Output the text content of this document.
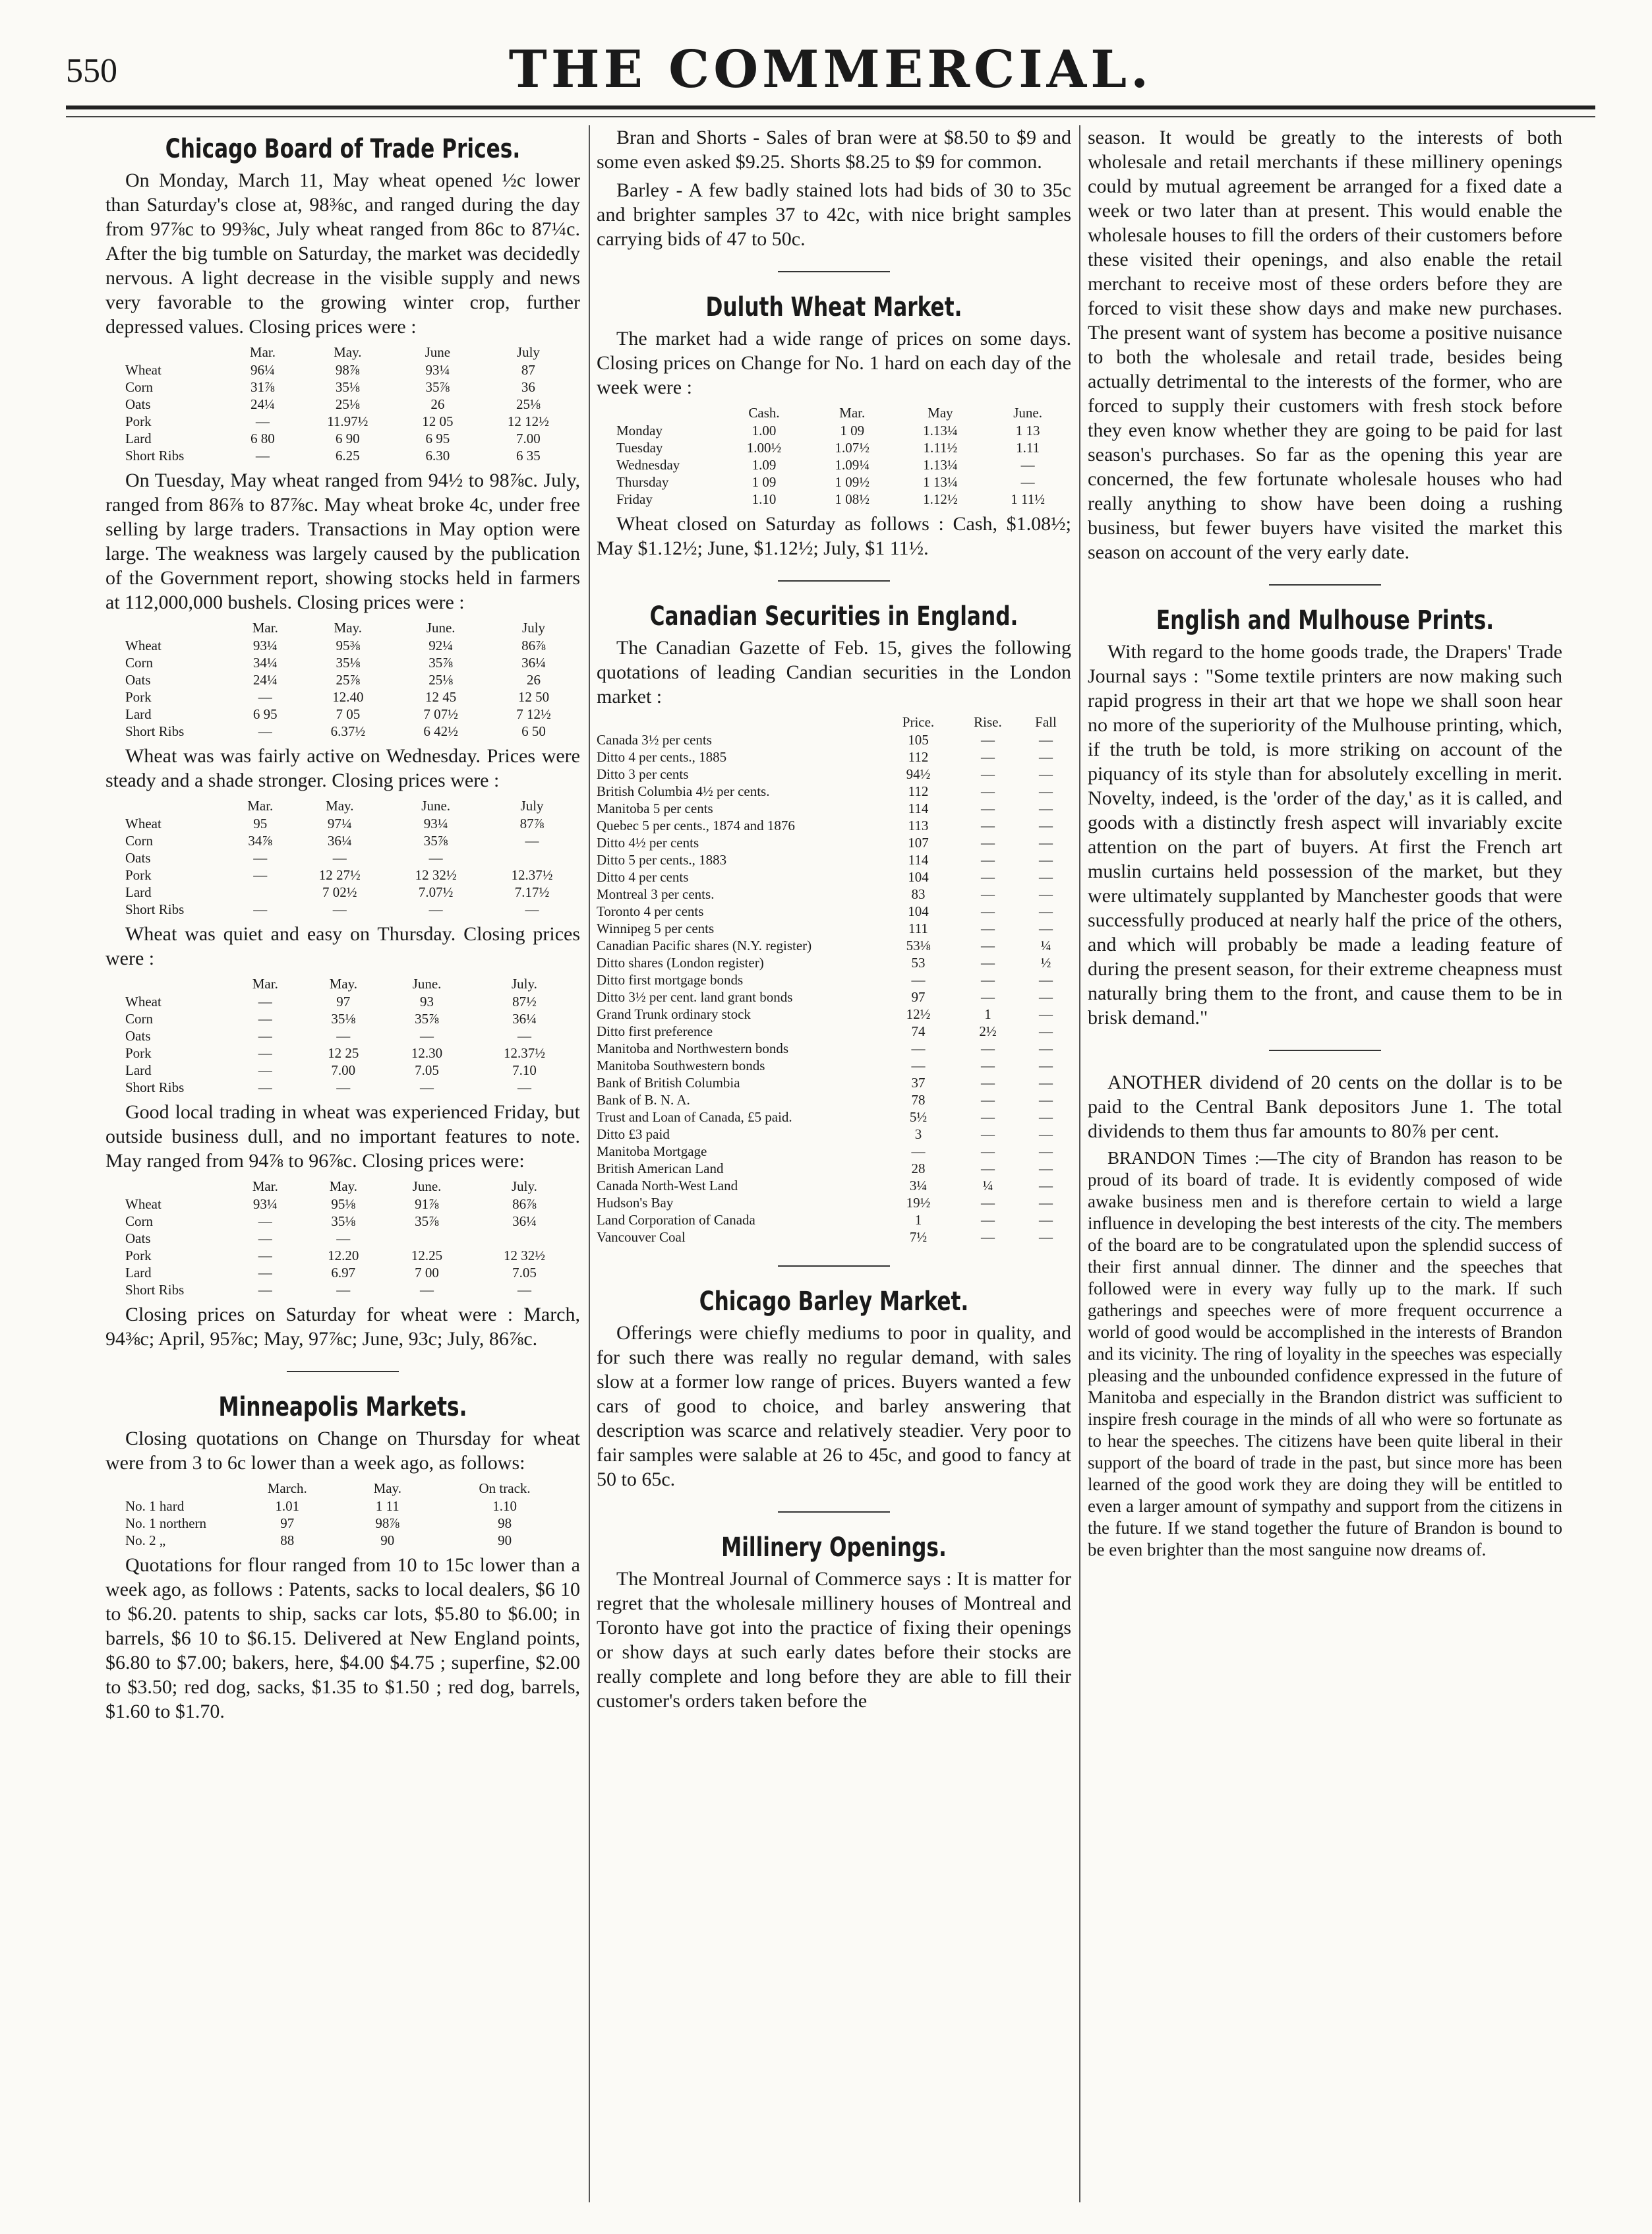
550	THE COMMERCIAL.
Chicago Board of Trade Prices.

On Monday, March 11, May wheat opened ½c lower than Saturday's close at, 98⅜c, and ranged during the day from 97⅞c to 99⅜c, July wheat ranged from 86c to 87¼c. After the big tumble on Saturday, the market was decidedly nervous. A light decrease in the visible supply and news very favorable to the growing winter crop, further depressed values. Closing prices were :

	Mar.	May.	June	July
Wheat	96¼	98⅞	93¼	87
Corn	31⅞	35⅛	35⅞	36
Oats	24¼	25⅛	26	25⅛
Pork	—	11.97½	12 05	12 12½
Lard	6 80	6 90	6 95	7.00
Short Ribs	—	6.25	6.30	6 35

On Tuesday, May wheat ranged from 94½ to 98⅞c. July, ranged from 86⅞ to 87⅞c. May wheat broke 4c, under free selling by large traders. Transactions in May option were large. The weakness was largely caused by the publication of the Government report, showing stocks held in farmers at 112,000,000 bushels. Closing prices were :

	Mar.	May.	June.	July
Wheat	93¼	95⅜	92¼	86⅞
Corn	34¼	35⅛	35⅞	36¼
Oats	24¼	25⅞	25⅛	26
Pork	—	12.40	12 45	12 50
Lard	6 95	7 05	7 07½	7 12½
Short Ribs	—	6.37½	6 42½	6 50

Wheat was was fairly active on Wednesday. Prices were steady and a shade stronger. Closing prices were :

	Mar.	May.	June.	July
Wheat	95	97¼	93¼	87⅞
Corn	34⅞	36¼	35⅞	—
Oats	—	—	—	
Pork	—	12 27½	12 32½	12.37½
Lard		7 02½	7.07½	7.17½
Short Ribs	—	—	—	—

Wheat was quiet and easy on Thursday. Closing prices were :

	Mar.	May.	June.	July.
Wheat	—	97	93	87½
Corn	—	35⅛	35⅞	36¼
Oats	—	—	—	—
Pork	—	12 25	12.30	12.37½
Lard	—	7.00	7.05	7.10
Short Ribs	—	—	—	—

Good local trading in wheat was experienced Friday, but outside business dull, and no important features to note. May ranged from 94⅞ to 96⅞c. Closing prices were:

	Mar.	May.	June.	July.
Wheat	93¼	95⅛	91⅞	86⅞
Corn	—	35⅛	35⅞	36¼
Oats	—	—		
Pork	—	12.20	12.25	12 32½
Lard	—	6.97	7 00	7.05
Short Ribs	—	—	—	—

Closing prices on Saturday for wheat were : March, 94⅜c; April, 95⅞c; May, 97⅞c; June, 93c; July, 86⅞c.

Minneapolis Markets.

Closing quotations on Change on Thursday for wheat were from 3 to 6c lower than a week ago, as follows:

	March.	May.	On track.
No. 1 hard	1.01	1 11	1.10
No. 1 northern	97	98⅞	98
No. 2 „	88	90	90

Quotations for flour ranged from 10 to 15c lower than a week ago, as follows : Patents, sacks to local dealers, $6 10 to $6.20. patents to ship, sacks car lots, $5.80 to $6.00; in barrels, $6 10 to $6.15. Delivered at New England points, $6.80 to $7.00; bakers, here, $4.00 $4.75 ; superfine, $2.00 to $3.50; red dog, sacks, $1.35 to $1.50 ; red dog, barrels, $1.60 to $1.70.

Bran and Shorts - Sales of bran were at $8.50 to $9 and some even asked $9.25. Shorts $8.25 to $9 for common.

Barley - A few badly stained lots had bids of 30 to 35c and brighter samples 37 to 42c, with nice bright samples carrying bids of 47 to 50c.

Duluth Wheat Market.

The market had a wide range of prices on some days. Closing prices on Change for No. 1 hard on each day of the week were :

	Cash.	Mar.	May	June.
Monday	1.00	1 09	1.13¼	1 13
Tuesday	1.00½	1.07½	1.11½	1.11
Wednesday	1.09	1.09¼	1.13¼	—
Thursday	1 09	1 09½	1 13¼	—
Friday	1.10	1 08½	1.12½	1 11½

Wheat closed on Saturday as follows : Cash, $1.08½; May $1.12½; June, $1.12½; July, $1 11½.

Canadian Securities in England.

The Canadian Gazette of Feb. 15, gives the following quotations of leading Candian securities in the London market :

	Price.	Rise.	Fall
Canada 3½ per cents	105	—	—
Ditto 4 per cents., 1885	112	—	—
Ditto 3 per cents	94½	—	—
British Columbia 4½ per cents.	112	—	—
Manitoba 5 per cents	114	—	—
Quebec 5 per cents., 1874 and 1876	113	—	—
Ditto 4½ per cents	107	—	—
Ditto 5 per cents., 1883	114	—	—
Ditto 4 per cents	104	—	—
Montreal 3 per cents.	83	—	—
Toronto 4 per cents	104	—	—
Winnipeg 5 per cents	111	—	—
Canadian Pacific shares (N.Y. register)	53⅛	—	¼
Ditto shares (London register)	53	—	½
Ditto first mortgage bonds	—	—	—
Ditto 3½ per cent. land grant bonds	97	—	—
Grand Trunk ordinary stock	12½	1	—
Ditto first preference	74	2½	—
Manitoba and Northwestern bonds	—	—	—
Manitoba Southwestern bonds	—	—	—
Bank of British Columbia	37	—	—
Bank of B. N. A.	78	—	—
Trust and Loan of Canada, £5 paid.	5½	—	—
Ditto £3 paid	3	—	—
Manitoba Mortgage	—	—	—
British American Land	28	—	—
Canada North-West Land	3¼	¼	—
Hudson's Bay	19½	—	—
Land Corporation of Canada	1	—	—
Vancouver Coal	7½	—	—
Chicago Barley Market.

Offerings were chiefly mediums to poor in quality, and for such there was really no regular demand, with sales slow at a former low range of prices. Buyers wanted a few cars of good to choice, and barley answering that description was scarce and relatively steadier. Very poor to fair samples were salable at 26 to 45c, and good to fancy at 50 to 65c.

Millinery Openings.

The Montreal Journal of Commerce says : It is matter for regret that the wholesale millinery houses of Montreal and Toronto have got into the practice of fixing their openings or show days at such early dates before their stocks are really complete and long before they are able to fill their customer's orders taken before the

season. It would be greatly to the interests of both wholesale and retail merchants if these millinery openings could by mutual agreement be arranged for a fixed date a week or two later than at present. This would enable the wholesale houses to fill the orders of their customers before these visited their openings, and also enable the retail merchant to receive most of these orders before they are forced to visit these show days and make new purchases. The present want of system has become a positive nuisance to both the wholesale and retail trade, besides being actually detrimental to the interests of the former, who are forced to supply their customers with fresh stock before they even know whether they are going to be paid for last season's purchases. So far as the opening this year are concerned, the few fortunate wholesale houses who had really anything to show have been doing a rushing business, but fewer buyers have visited the market this season on account of the very early date.

English and Mulhouse Prints.

With regard to the home goods trade, the Drapers' Trade Journal says : "Some textile printers are now making such rapid progress in their art that we hope we shall soon hear no more of the superiority of the Mulhouse printing, which, if the truth be told, is more striking on account of the piquancy of its style than for absolutely excelling in merit. Novelty, indeed, is the 'order of the day,' as it is called, and goods with a distinctly fresh aspect will invariably excite attention on the part of buyers. At first the French art muslin curtains held possession of the market, but they were ultimately supplanted by Manchester goods that were successfully produced at nearly half the price of the others, and which will probably be made a leading feature of during the present season, for their extreme cheapness must naturally bring them to the front, and cause them to be in brisk demand."

ANOTHER dividend of 20 cents on the dollar is to be paid to the Central Bank depositors June 1. The total dividends to them thus far amounts to 80⅞ per cent.

BRANDON Times :—The city of Brandon has reason to be proud of its board of trade. It is evidently composed of wide awake business men and is therefore certain to wield a large influence in developing the best interests of the city. The members of the board are to be congratulated upon the splendid success of their first annual dinner. The dinner and the speeches that followed were in every way fully up to the mark. If such gatherings and speeches were of more frequent occurrence a world of good would be accomplished in the interests of Brandon and its vicinity. The ring of loyality in the speeches was especially pleasing and the unbounded confidence expressed in the future of Manitoba and especially in the Brandon district was sufficient to inspire fresh courage in the minds of all who were so fortunate as to hear the speeches. The citizens have been quite liberal in their support of the board of trade in the past, but since more has been learned of the good work they are doing they will be entitled to even a larger amount of sympathy and support from the citizens in the future. If we stand together the future of Brandon is bound to be even brighter than the most sanguine now dreams of.
